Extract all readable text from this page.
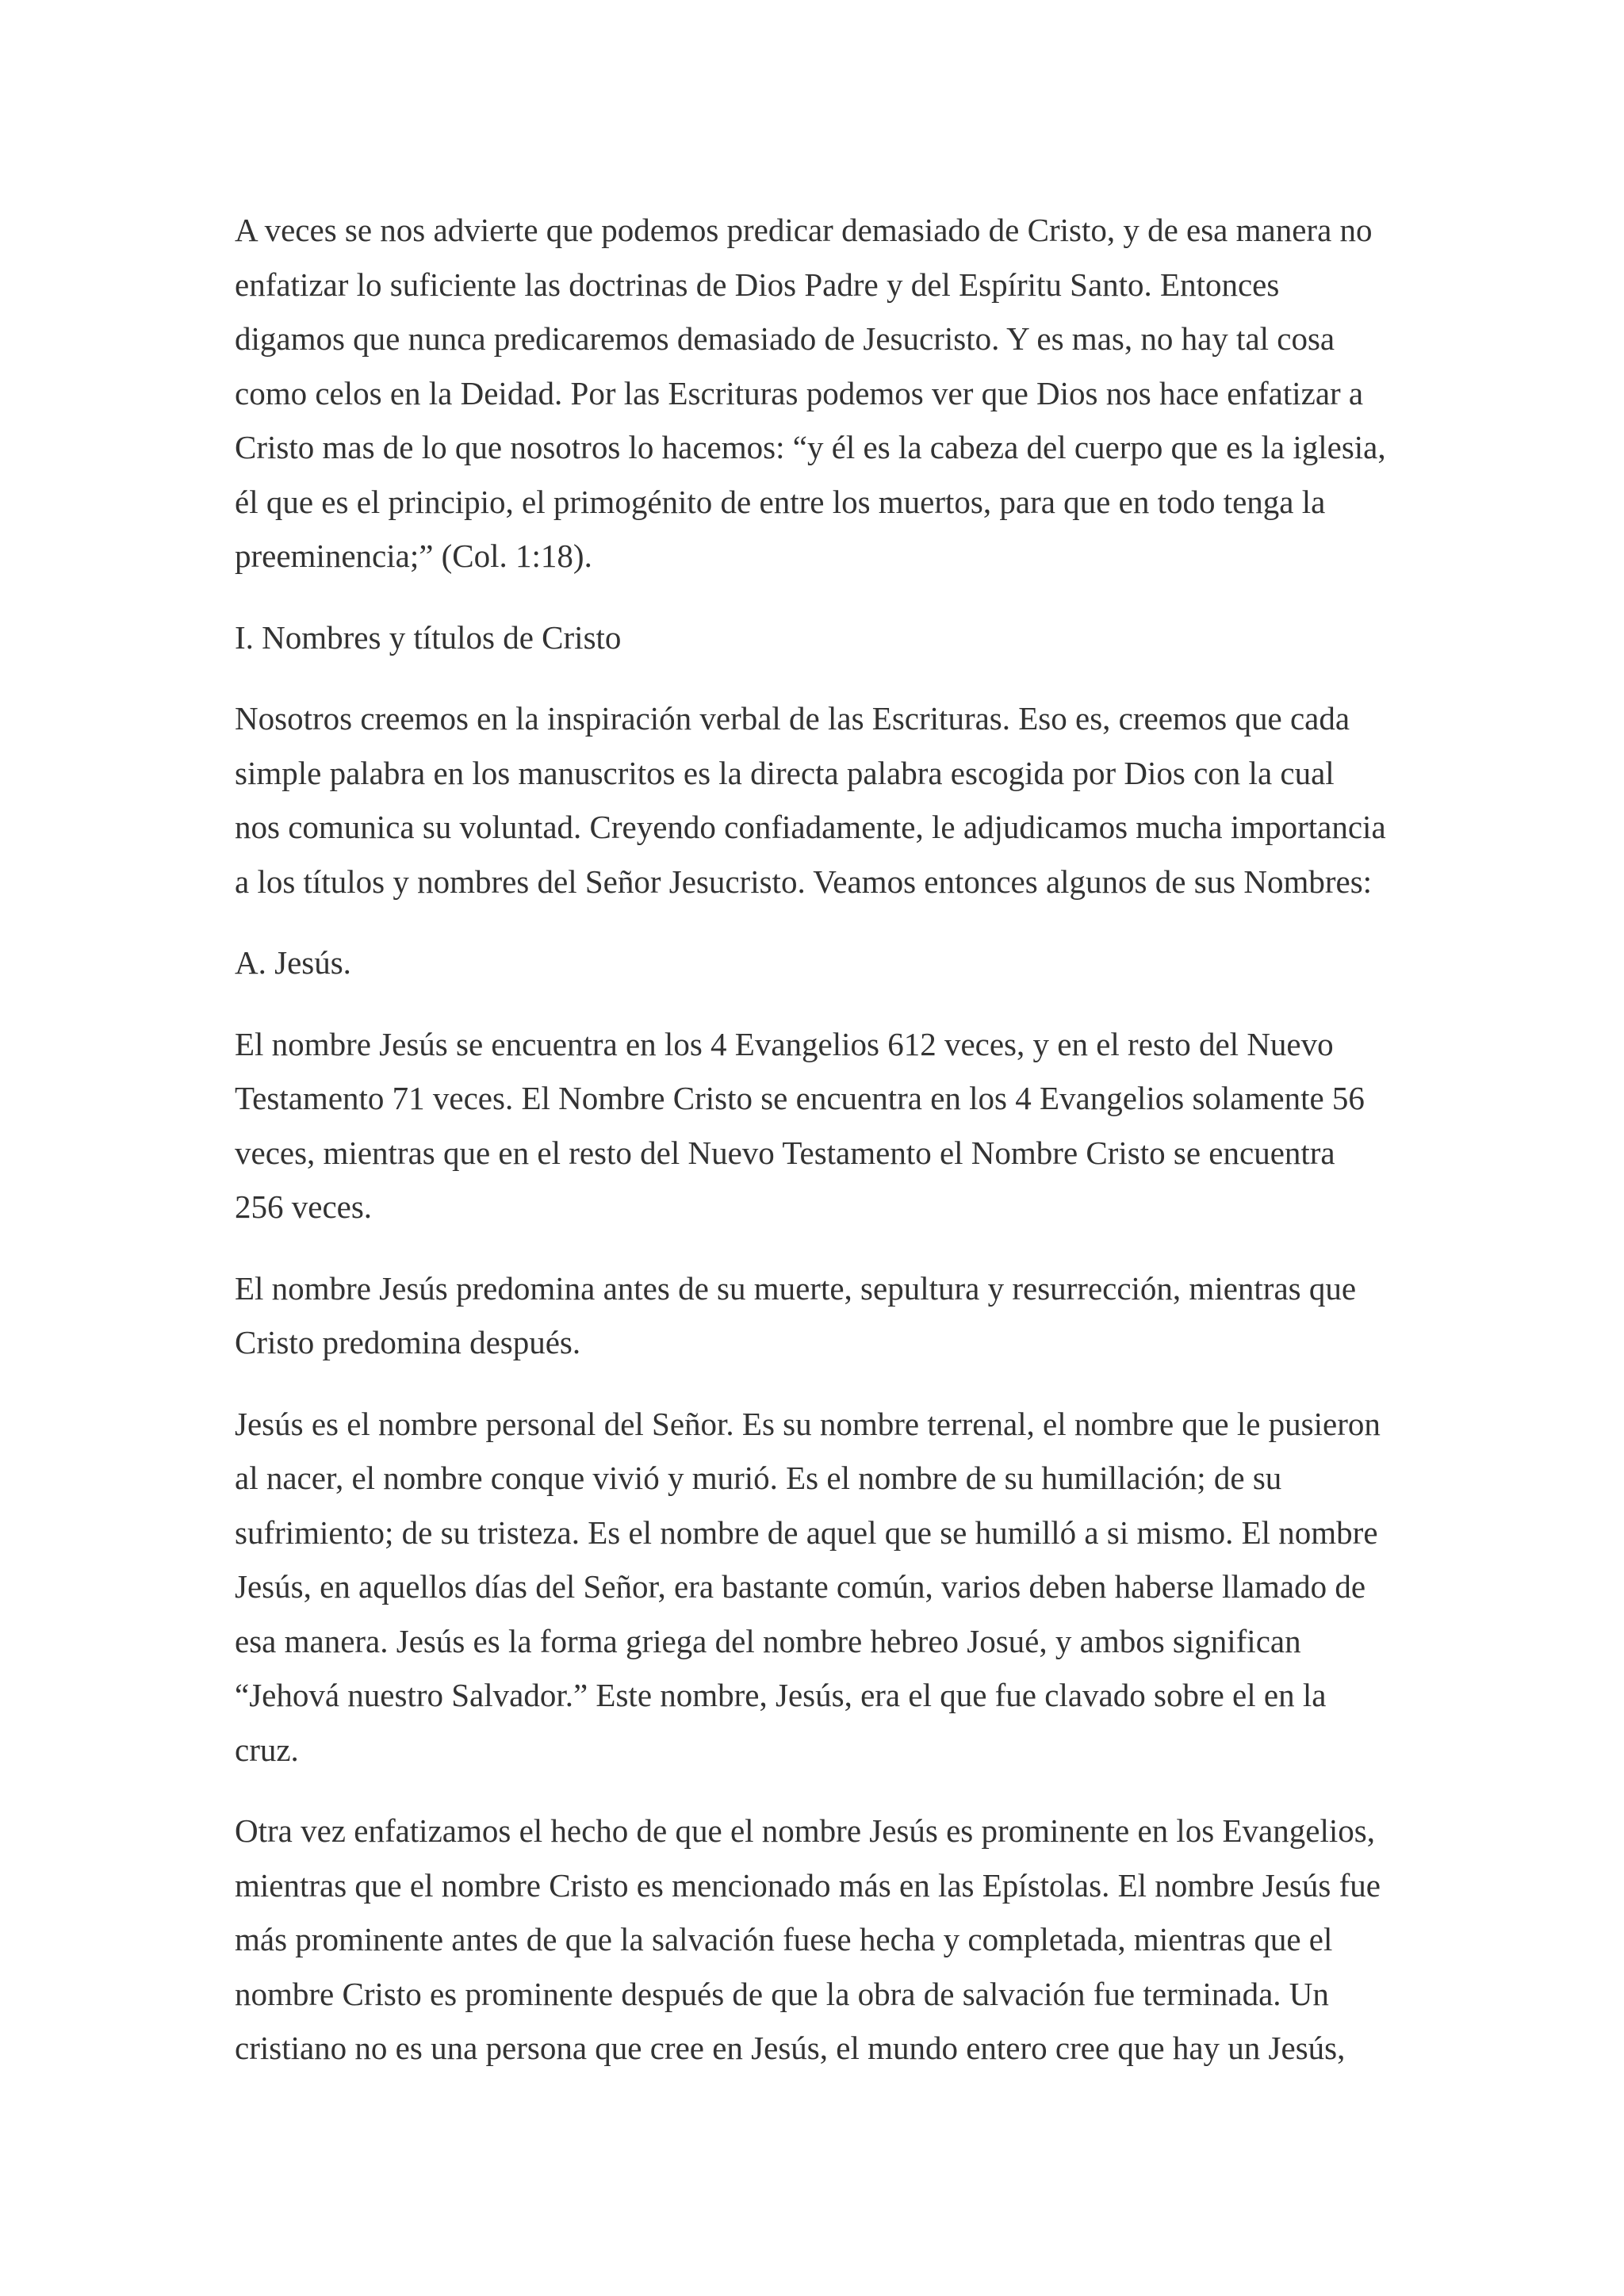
A veces se nos advierte que podemos predicar demasiado de Cristo, y de esa manera no
enfatizar lo suficiente las doctrinas de Dios Padre y del Espíritu Santo. Entonces
digamos que nunca predicaremos demasiado de Jesucristo. Y es mas, no hay tal cosa
como celos en la Deidad. Por las Escrituras podemos ver que Dios nos hace enfatizar a
Cristo mas de lo que nosotros lo hacemos: “y él es la cabeza del cuerpo que es la iglesia,
él que es el principio, el primogénito de entre los muertos, para que en todo tenga la
preeminencia;” (Col. 1:18).

I. Nombres y títulos de Cristo

Nosotros creemos en la inspiración verbal de las Escrituras. Eso es, creemos que cada
simple palabra en los manuscritos es la directa palabra escogida por Dios con la cual
nos comunica su voluntad. Creyendo confiadamente, le adjudicamos mucha importancia
a los títulos y nombres del Señor Jesucristo. Veamos entonces algunos de sus Nombres:

A. Jesús.

El nombre Jesús se encuentra en los 4 Evangelios 612 veces, y en el resto del Nuevo
Testamento 71 veces. El Nombre Cristo se encuentra en los 4 Evangelios solamente 56
veces, mientras que en el resto del Nuevo Testamento el Nombre Cristo se encuentra
256 veces.

El nombre Jesús predomina antes de su muerte, sepultura y resurrección, mientras que
Cristo predomina después.

Jesús es el nombre personal del Señor. Es su nombre terrenal, el nombre que le pusieron
al nacer, el nombre conque vivió y murió. Es el nombre de su humillación; de su
sufrimiento; de su tristeza. Es el nombre de aquel que se humilló a si mismo. El nombre
Jesús, en aquellos días del Señor, era bastante común, varios deben haberse llamado de
esa manera. Jesús es la forma griega del nombre hebreo Josué, y ambos significan
“Jehová nuestro Salvador.” Este nombre, Jesús, era el que fue clavado sobre el en la
cruz.

Otra vez enfatizamos el hecho de que el nombre Jesús es prominente en los Evangelios,
mientras que el nombre Cristo es mencionado más en las Epístolas. El nombre Jesús fue
más prominente antes de que la salvación fuese hecha y completada, mientras que el
nombre Cristo es prominente después de que la obra de salvación fue terminada. Un
cristiano no es una persona que cree en Jesús, el mundo entero cree que hay un Jesús,
